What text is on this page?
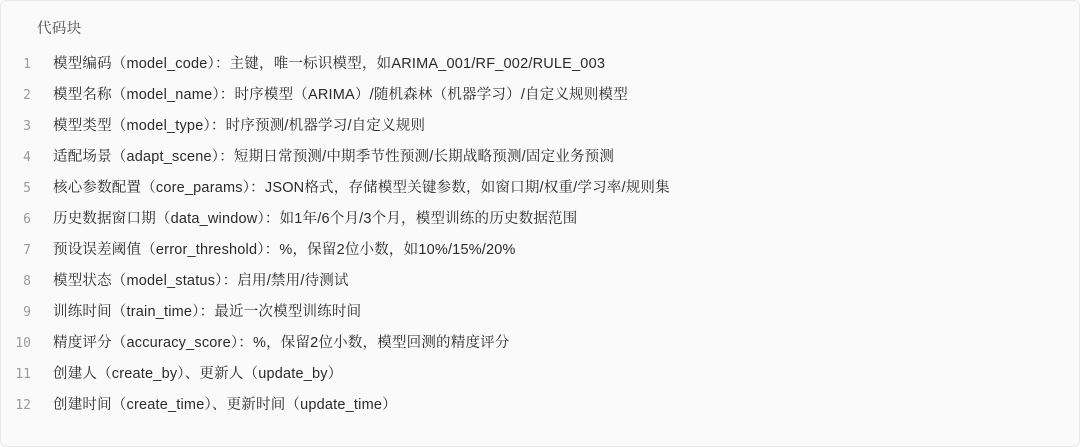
代码块
1	模型编码（model_code）：主键，唯一标识模型，如ARIMA_001/RF_002/RULE_003
2	模型名称（model_name）：时序模型（ARIMA）/随机森林（机器学习）/自定义规则模型
3	模型类型（model_type）：时序预测/机器学习/自定义规则
4	适配场景（adapt_scene）：短期日常预测/中期季节性预测/长期战略预测/固定业务预测
5	核心参数配置（core_params）：JSON格式，存储模型关键参数，如窗口期/权重/学习率/规则集
6	历史数据窗口期（data_window）：如1年/6个月/3个月，模型训练的历史数据范围
7	预设误差阈值（error_threshold）：%，保留2位小数，如10%/15%/20%
8	模型状态（model_status）：启用/禁用/待测试
9	训练时间（train_time）：最近一次模型训练时间
10	精度评分（accuracy_score）：%，保留2位小数，模型回测的精度评分
11	创建人（create_by）、更新人（update_by）
12	创建时间（create_time）、更新时间（update_time）
